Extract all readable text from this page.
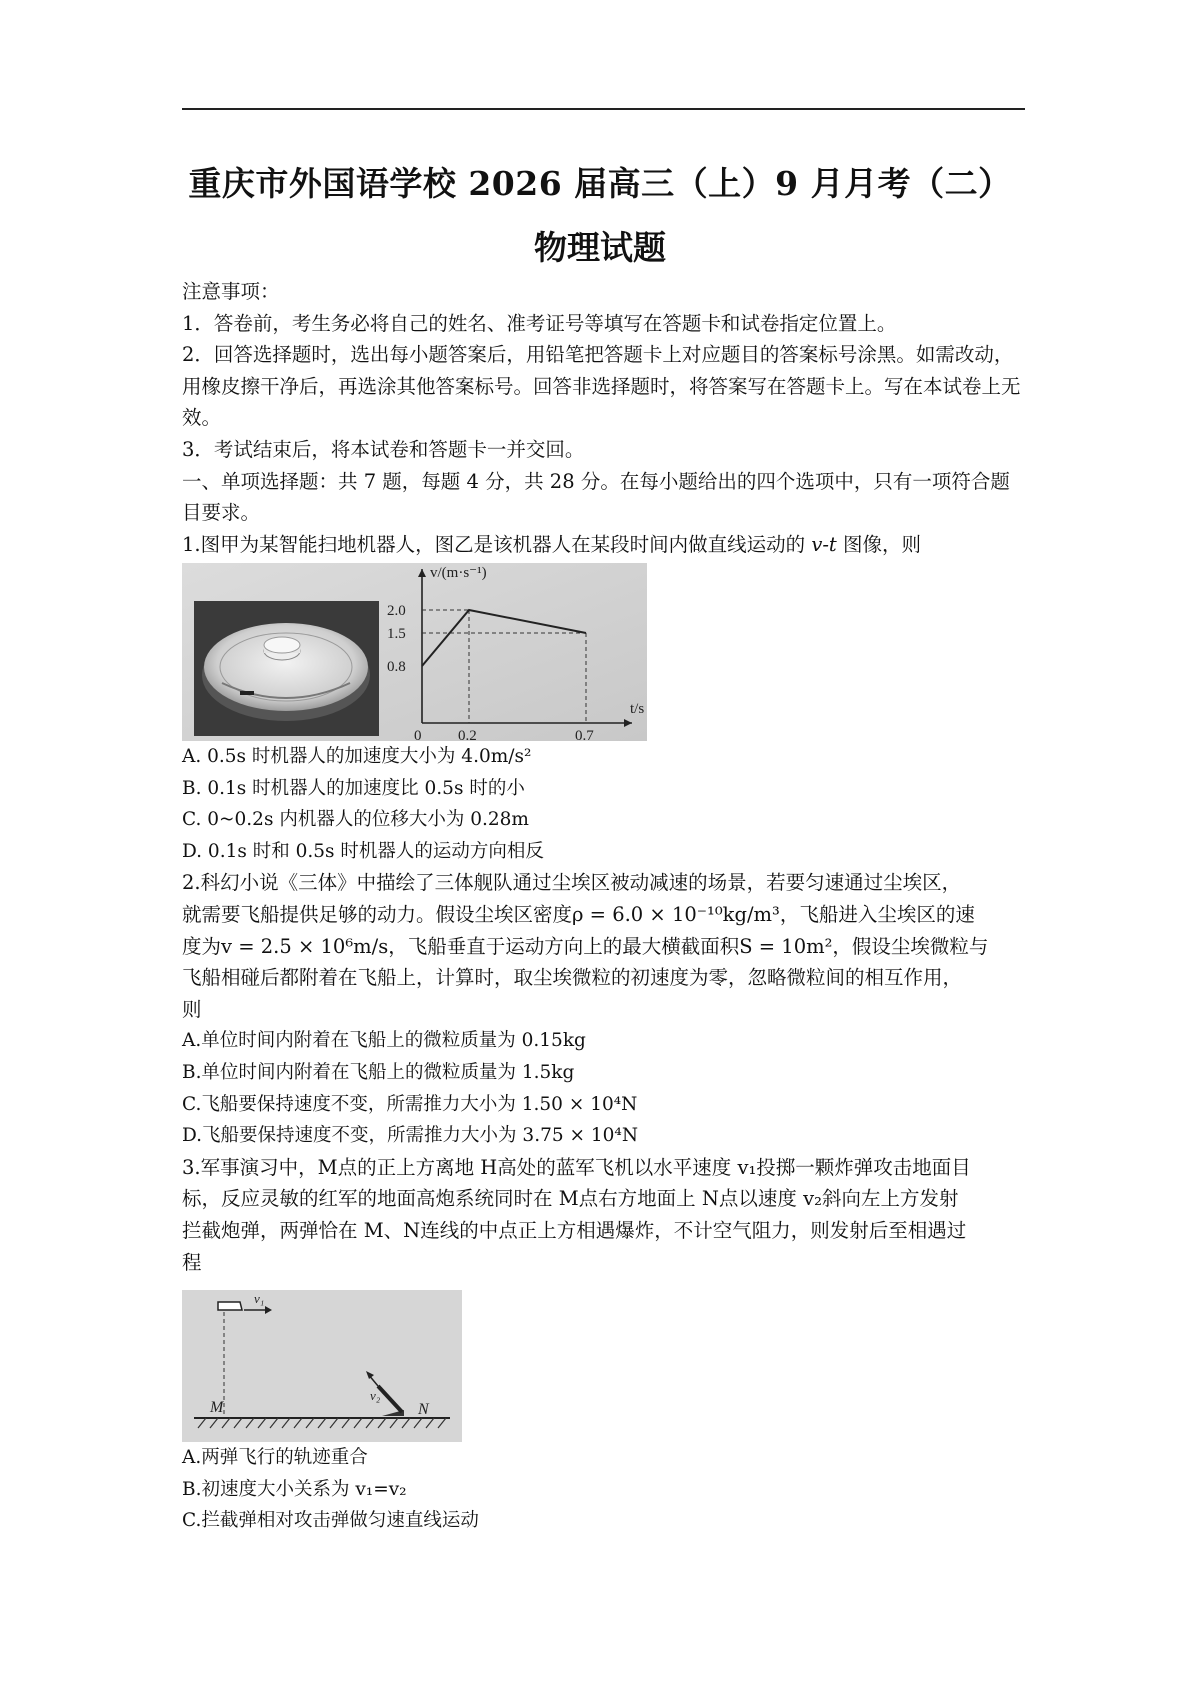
重庆市外国语学校 2026 届高三（上）9 月月考（二）
物理试题

注意事项：

1．答卷前，考生务必将自己的姓名、准考证号等填写在答题卡和试卷指定位置上。

2．回答选择题时，选出每小题答案后，用铅笔把答题卡上对应题目的答案标号涂黑。如需改动，用橡皮擦干净后，再选涂其他答案标号。回答非选择题时，将答案写在答题卡上。写在本试卷上无效。

3．考试结束后，将本试卷和答题卡一并交回。

一、单项选择题：共 7 题，每题 4 分，共 28 分。在每小题给出的四个选项中，只有一项符合题目要求。

1.图甲为某智能扫地机器人，图乙是该机器人在某段时间内做直线运动的 v-t 图像，则

v/(m·s⁻¹)
t/s
2.0
1.5
0.8
0 0.2	0.7

A. 0.5s 时机器人的加速度大小为 4.0m/s²

B. 0.1s 时机器人的加速度比 0.5s 时的小

C. 0~0.2s 内机器人的位移大小为 0.28m

D. 0.1s 时和 0.5s 时机器人的运动方向相反

2.科幻小说《三体》中描绘了三体舰队通过尘埃区被动减速的场景，若要匀速通过尘埃区，

就需要飞船提供足够的动力。假设尘埃区密度ρ = 6.0 × 10⁻¹⁰kg/m³，飞船进入尘埃区的速

度为v = 2.5 × 10⁶m/s，飞船垂直于运动方向上的最大横截面积S = 10m²，假设尘埃微粒与

飞船相碰后都附着在飞船上，计算时，取尘埃微粒的初速度为零，忽略微粒间的相互作用，

则

A.单位时间内附着在飞船上的微粒质量为 0.15kg

B.单位时间内附着在飞船上的微粒质量为 1.5kg

C.飞船要保持速度不变，所需推力大小为 1.50 × 10⁴N

D.飞船要保持速度不变，所需推力大小为 3.75 × 10⁴N

3.军事演习中，M点的正上方离地 H高处的蓝军飞机以水平速度 v₁投掷一颗炸弹攻击地面目

标，反应灵敏的红军的地面高炮系统同时在 M点右方地面上 N点以速度 v₂斜向左上方发射

拦截炮弹，两弹恰在 M、N连线的中点正上方相遇爆炸，不计空气阻力，则发射后至相遇过

程

v₁
M	N
v₂

A.两弹飞行的轨迹重合

B.初速度大小关系为 v₁=v₂

C.拦截弹相对攻击弹做匀速直线运动
